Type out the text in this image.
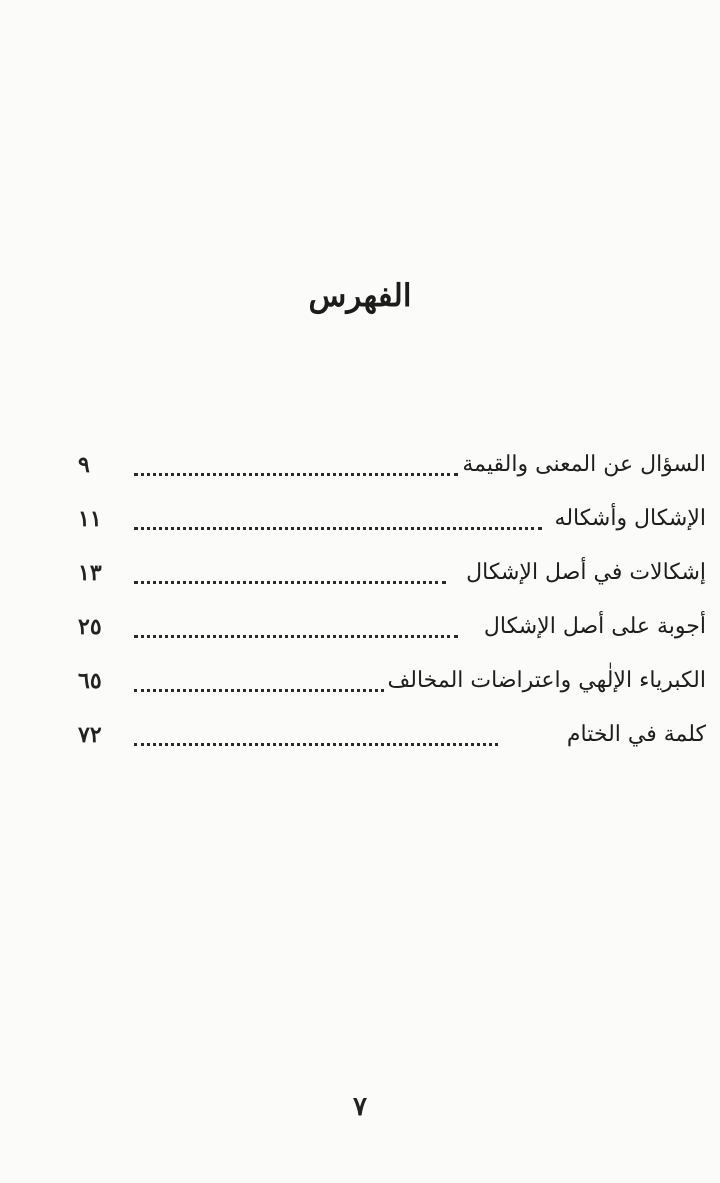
الفهرس
السؤال عن المعنى والقيمة
٩
الإشكال وأشكاله
١١
إشكالات في أصل الإشكال
١٣
أجوبة على أصل الإشكال
٢٥
الكبرياء الإلٰهي واعتراضات المخالف
٦٥
كلمة في الختام
٧٢
٧
